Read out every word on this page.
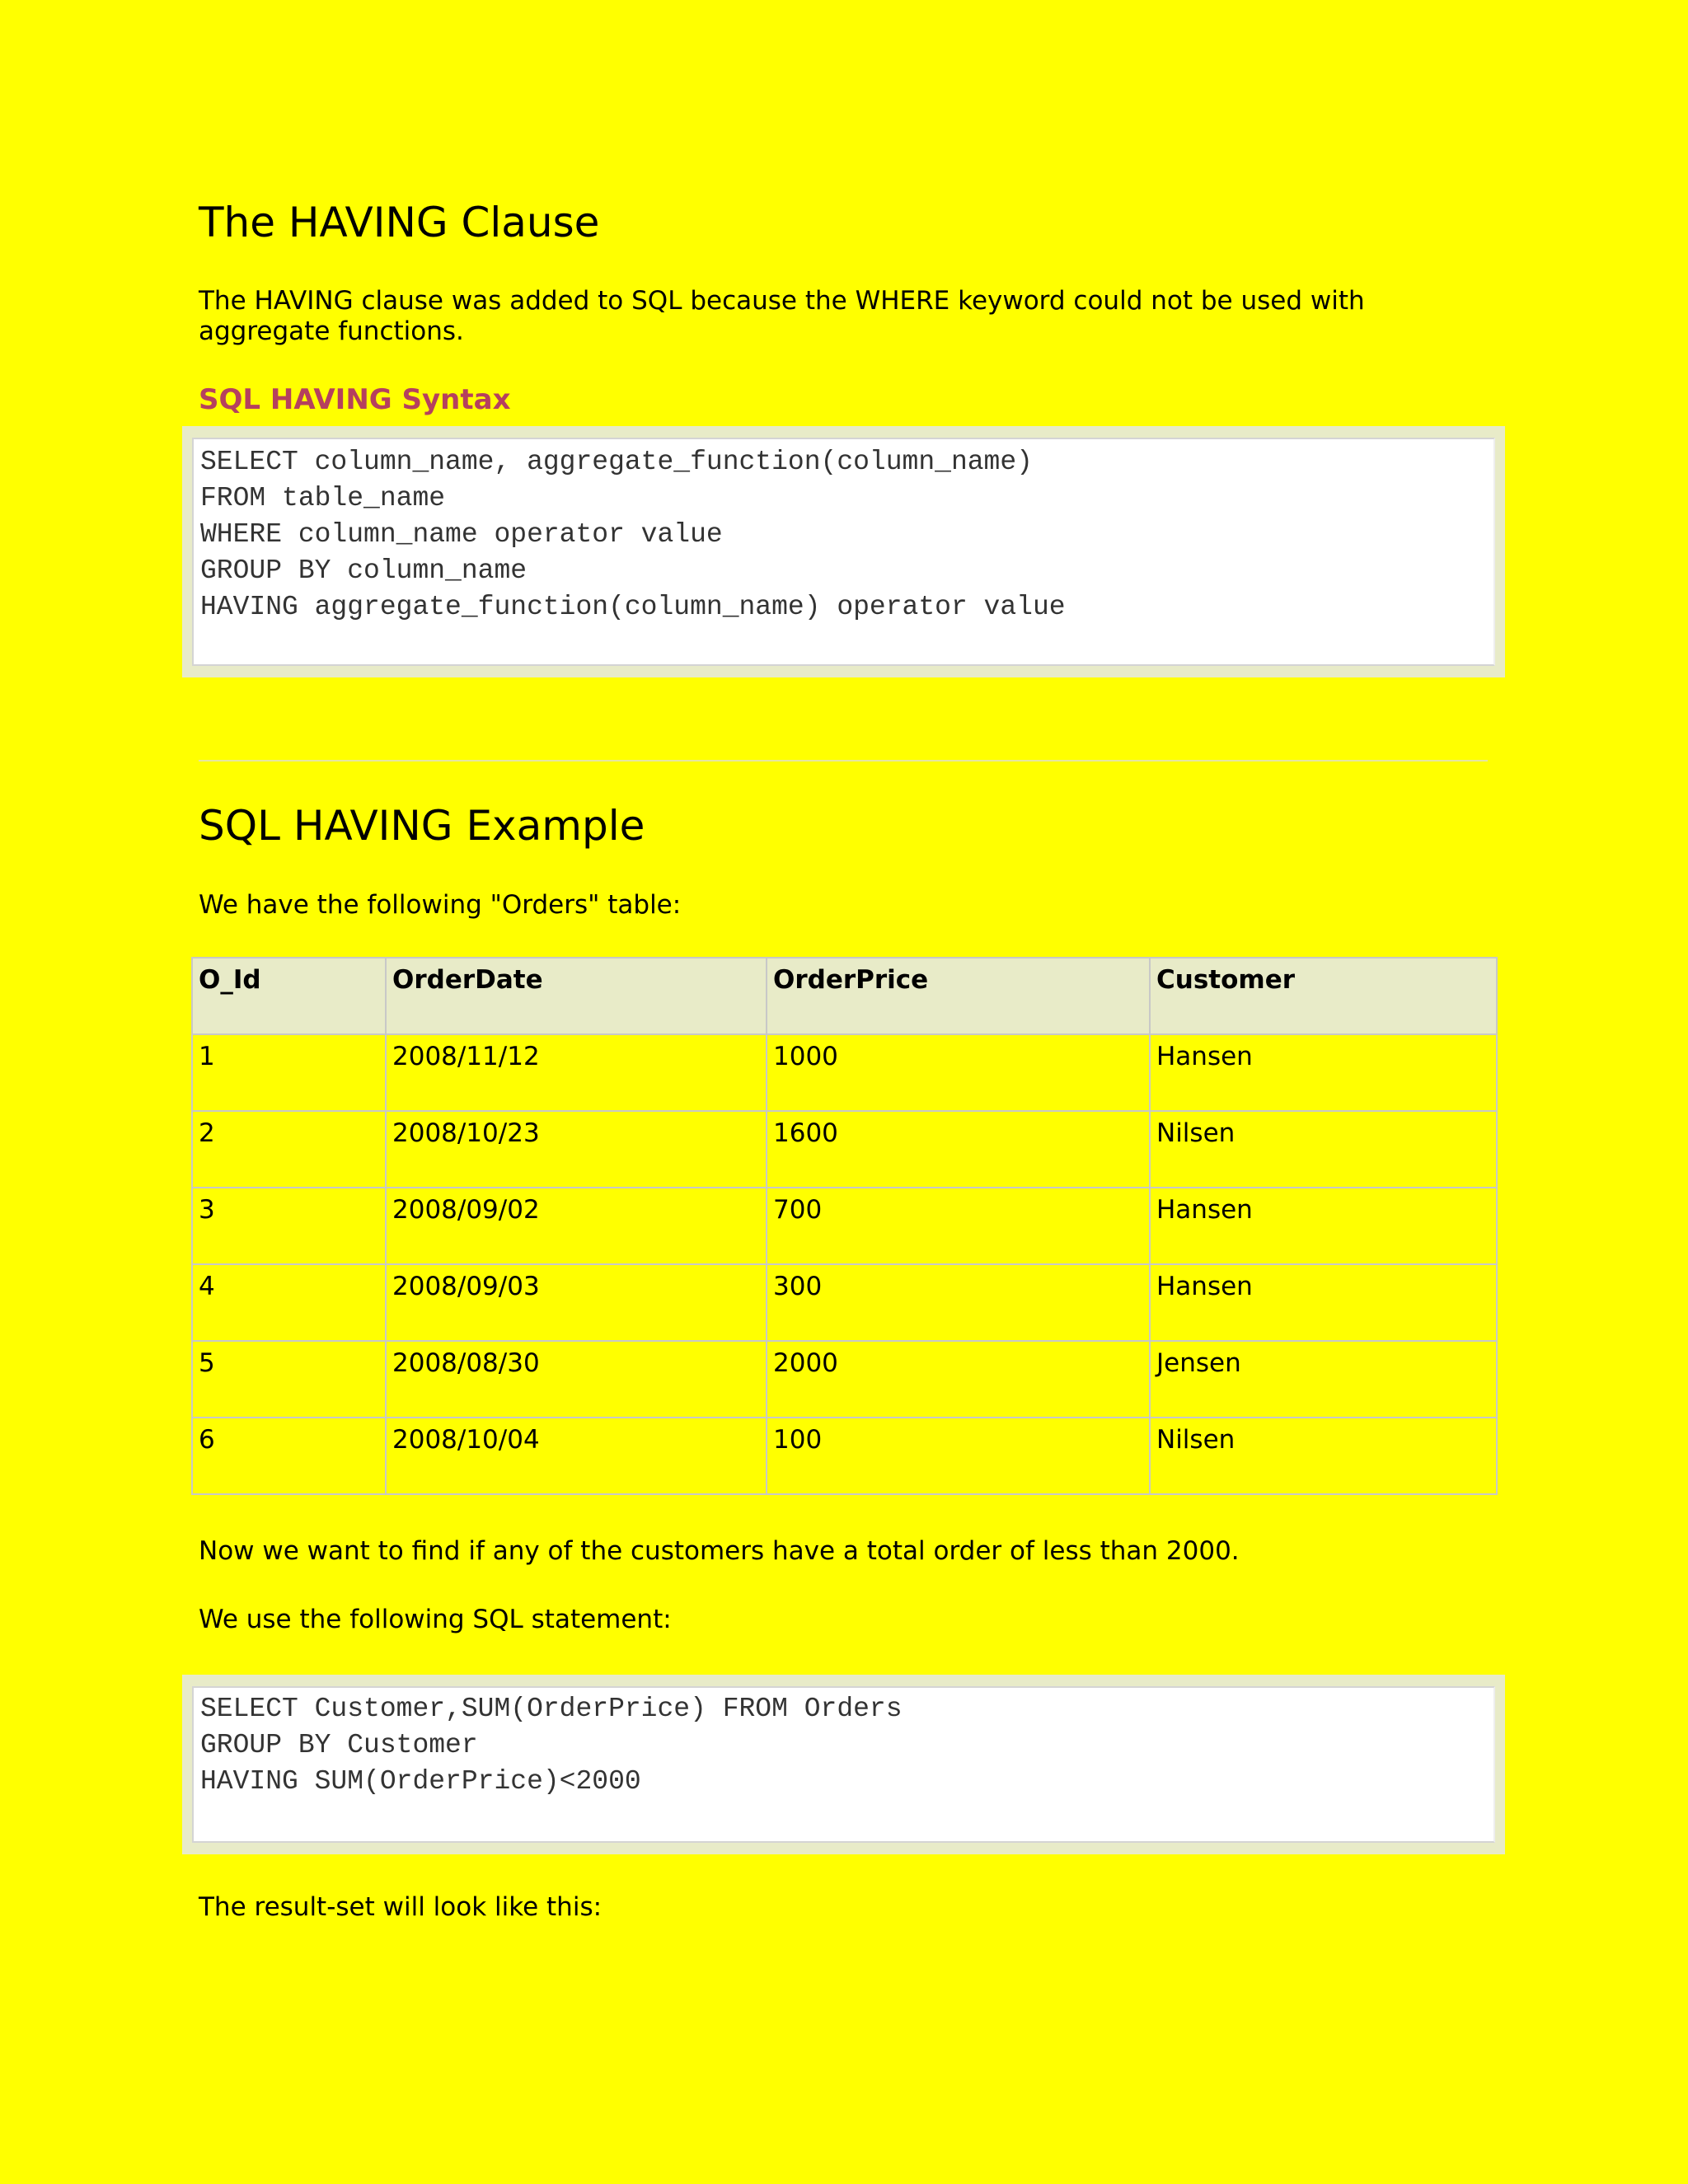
The HAVING Clause

The HAVING clause was added to SQL because the WHERE keyword could not be used with aggregate functions.

SQL HAVING Syntax
SELECT column_name, aggregate_function(column_name)
FROM table_name
WHERE column_name operator value
GROUP BY column_name
HAVING aggregate_function(column_name) operator value
SQL HAVING Example

We have the following "Orders" table:

O_Id	OrderDate	OrderPrice	Customer
1	2008/11/12	1000	Hansen
2	2008/10/23	1600	Nilsen
3	2008/09/02	700	Hansen
4	2008/09/03	300	Hansen
5	2008/08/30	2000	Jensen
6	2008/10/04	100	Nilsen

Now we want to find if any of the customers have a total order of less than 2000.

We use the following SQL statement:

SELECT Customer,SUM(OrderPrice) FROM Orders
GROUP BY Customer
HAVING SUM(OrderPrice)<2000

The result-set will look like this:
